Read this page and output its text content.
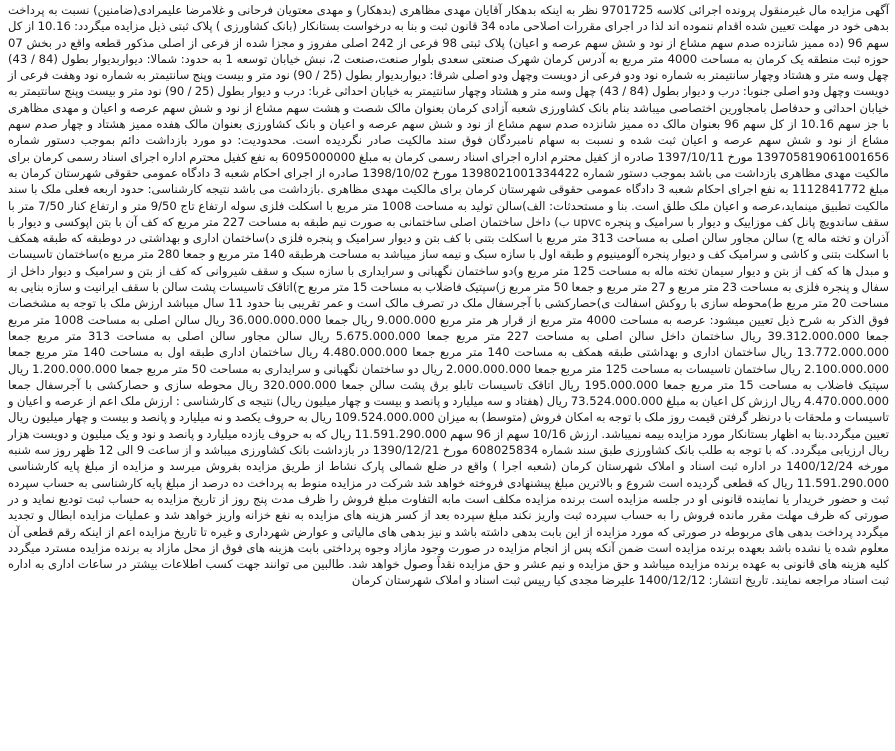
آگهی مزایده مال غیرمنقول پرونده اجرائی کلاسه 9701725 نظر به اینکه بدهکار آقایان مهدی مظاهری (بدهکار) و مهدی معتویان فرحانی و غلامرضا علیمرادی(ضامنین) نسبت به پرداخت بدهی خود در مهلت تعیین شده اقدام ننموده اند لذا در اجرای مقررات اصلاحی ماده 34 قانون ثبت و بنا به درخواست بستانکار (بانک کشاورزی ) پلاک ثبتی ذیل مزایده میگردد: 10.16 از کل سهم 96 (ده ممیز شانزده صدم سهم مشاع از نود و شش سهم عرصه و اعیان) پلاک ثبتی 98 فرعی از 242 اصلی مفروز و مجزا شده از فرعی از اصلی مذکور قطعه واقع در بخش 07 حوزه ثبت منطقه یک کرمان به مساحت 4000 متر مربع به آدرس کرمان شهرک صنعتی سعدی بلوار صنعت،صنعت 2، نبش خیابان توسعه 1 به حدود: شمالا: دیواربدیوار بطول (84 / 43) چهل وسه متر و هشتاد وچهار سانتیمتر به شماره نود ودو فرعی از دویست وچهل ودو اصلی شرقا: دیواربدیوار بطول (25 / 90) نود متر و بیست وپنج سانتیمتر به شماره نود وهفت فرعی از دویست وچهل ودو اصلی جنوبا: درب و دیوار بطول (84 / 43) چهل وسه متر و هشتاد وچهار سانتیمتر به خیابان احداثی غربا: درب و دیوار بطول (25 / 90) نود متر و بیست وپنج سانتیمتر به خیابان احداثی و حدفاصل بامجاورین اختصاصی میباشد بنام بانک کشاورزی شعبه آزادی کرمان بعنوان مالک شصت و هشت سهم مشاع از نود و شش سهم عرصه و اعیان و مهدی مظاهری با جز سهم 10.16 از کل سهم 96 بعنوان مالک ده ممیز شانزده صدم سهم مشاع از نود و شش سهم عرصه و اعیان و بانک کشاورزی بعنوان مالک هفده ممیز هشتاد و چهار صدم سهم مشاع از نود و شش سهم عرصه و اعیان ثبت شده و نسبت به سهام نامبردگان فوق سند مالکیت صادر نگردیده است. محدودیت: دو مورد بازداشت دائم بموجب دستور شماره 139705819061001656 مورخ 1397/10/11 صادره از کفیل محترم اداره اجرای اسناد رسمی کرمان به مبلغ 6095000000 به نفع کفیل محترم اداره اجرای اسناد رسمی کرمان برای مالکیت مهدی مظاهری بازداشت می باشد بموجب دستور شماره 1398021001334422 مورخ 1398/10/02 صادره از اجرای احکام شعبه 3 دادگاه عمومی حقوقی شهرستان کرمان به مبلغ 1112841772 به نفع اجرای احکام شعبه 3 دادگاه عمومی حقوقی شهرستان کرمان برای مالکیت مهدی مظاهری .بازداشت می باشد نتیجه کارشناسی: حدود اربعه فعلی ملک با سند مالکیت تطبیق مینماید،عرصه و اعیان ملک طلق است. بنا و مستحدثات: الف)سالن تولید به مساحت 1008 متر مربع با اسکلت فلزی سوله ارتفاع تاج 9/50 متر و ارتفاع کنار 7/50 متر با سقف ساندویچ پانل کف موزاییک و دیوار با سرامیک و پنجره upvc ب) داخل ساختمان اصلی ساختمانی به صورت نیم طبقه به مساحت 227 متر مربع که کف آن با بتن اپوکسی و دیوار با آذران و تخته ماله ج) سالن مجاور سالن اصلی به مساحت 313 متر مربع با اسکلت بتنی با کف بتن و دیوار سرامیک و پنجره فلزی د)ساختمان اداری و بهداشتی در دوطبقه که طبقه همکف با اسکلت بتنی و کاشی و سرامیک کف و دیوار پنجره آلومینیوم و طبقه اول با سازه سبک و نیمه ساز میباشد به مساحت هرطبقه 140 متر مربع و جمعا 280 متر مربع ه)ساختمان تاسیسات و مبدل ها که کف از بتن و دیوار سیمان تخته ماله به مساحت 125 متر مربع و)دو ساختمان نگهبانی و سرایداری با سازه سبک و سقف شیروانی که کف از بتن و سرامیک و دیوار داخل از سفال و پنجره فلزی به مساحت 23 متر مربع و 27 متر مربع و جمعا 50 متر مربع ز)سپتیک فاضلاب به مساحت 15 متر مربع ح)اتاقک تاسیسات پشت سالن با سقف ایرانیت و سازه بنایی به مساحت 20 متر مربع ط)محوطه سازی با روکش اسفالت ی)حصارکشی با آجرسفال ملک در تصرف مالک است و عمر تقریبی بنا حدود 11 سال میباشد ارزش ملک با توجه به مشخصات فوق الذکر به شرح ذیل تعیین میشود: عرصه به مساحت 4000 متر مربع از قرار هر متر مربع 9.000.000 ریال جمعا 36.000.000.000 ریال سالن اصلی به مساحت 1008 متر مربع جمعا 39.312.000.000 ریال ساختمان داخل سالن اصلی به مساحت 227 متر مربع جمعا 5.675.000.000 ریال سالن مجاور سالن اصلی به مساحت 313 متر مربع جمعا 13.772.000.000 ریال ساختمان اداری و بهداشتی طبقه همکف به مساحت 140 متر مربع جمعا 4.480.000.000 ریال ساختمان اداری طبقه اول به مساحت 140 متر مربع جمعا 2.100.000.000 ریال ساختمان تاسیسات به مساحت 125 متر مربع جمعا 2.000.000.000 ریال دو ساختمان نگهبانی و سرایداری به مساحت 50 متر مربع جمعا 1.200.000.000 ریال سپتیک فاضلاب به مساحت 15 متر مربع جمعا 195.000.000 ریال اتاقک تاسیسات تابلو برق پشت سالن جمعا 320.000.000 ریال محوطه سازی و حصارکشی با آجرسفال جمعا 4.470.000.000 ریال ارزش کل اعیان به مبلغ 73.524.000.000 ریال (هفتاد و سه میلیارد و پانصد و بیست و چهار میلیون ریال) نتیجه ی کارشناسی : ارزش ملک اعم از عرصه و اعیان و تاسیسات و ملحقات با درنظر گرفتن قیمت روز ملک با توجه به امکان فروش (متوسط) به میزان 109.524.000.000 ریال به حروف یکصد و نه میلیارد و پانصد و بیست و چهار میلیون ریال تعیین میگردد.بنا به اظهار بستانکار مورد مزایده بیمه نمیباشد. ارزش 10/16 سهم از 96 سهم 11.591.290.000 ریال که به حروف یازده میلیارد و پانصد و نود و یک میلیون و دویست هزار ریال ارزیابی میگردد. که با توجه به طلب بانک کشاورزی طبق سند شماره 608025834 مورخ 1390/12/21 در بازداشت بانک کشاورزی میباشد و از ساعت 9 الی 12 ظهر روز سه شنبه مورخه 1400/12/24 در اداره ثبت اسناد و املاک شهرستان کرمان (شعبه اجرا ) واقع در ضلع شمالی پارک نشاط از طریق مزایده بفروش میرسد و مزایده از مبلغ پایه کارشناسی 11.591.290.000 ریال که قطعی گردیده است شروع و بالاترین مبلغ پیشنهادی فروخته خواهد شد شرکت در مزایده منوط به پرداخت ده درصد از مبلغ پایه کارشناسی به حساب سپرده ثبت و حضور خریدار یا نماینده قانونی او در جلسه مزایده است برنده مزایده مکلف است مابه التفاوت مبلغ فروش را ظرف مدت پنج روز از تاریخ مزایده به حساب ثبت تودیع نماید و در صورتی که ظرف مهلت مقرر مانده فروش را به حساب سپرده ثبت واریز نکند مبلغ سپرده بعد از کسر هزینه های مزایده به نفع خزانه واریز خواهد شد و عملیات مزایده ابطال و تجدید میگردد پرداخت بدهی های مربوطه در صورتی که مورد مزایده از این بابت بدهی داشته باشد و نیز بدهی های مالیاتی و عوارض شهرداری و غیره تا تاریخ مزایده اعم از اینکه رقم قطعی آن معلوم شده یا نشده باشد بعهده برنده مزایده است ضمن آنکه پس از انجام مزایده در صورت وجود مازاد وجوه پرداختی بابت هزینه های فوق از محل مازاد به برنده مزایده مسترد میگردد کلیه هزینه های قانونی به عهده برنده مزایده میباشد و حق مزایده و نیم عشر و حق مزایده نقداً وصول خواهد شد. طالبین می توانند جهت کسب اطلاعات بیشتر در ساعات اداری به اداره ثبت اسناد مراجعه نمایند. تاریخ انتشار: 1400/12/12 علیرضا مجدی کیا رییس ثبت اسناد و املاک شهرستان کرمان
